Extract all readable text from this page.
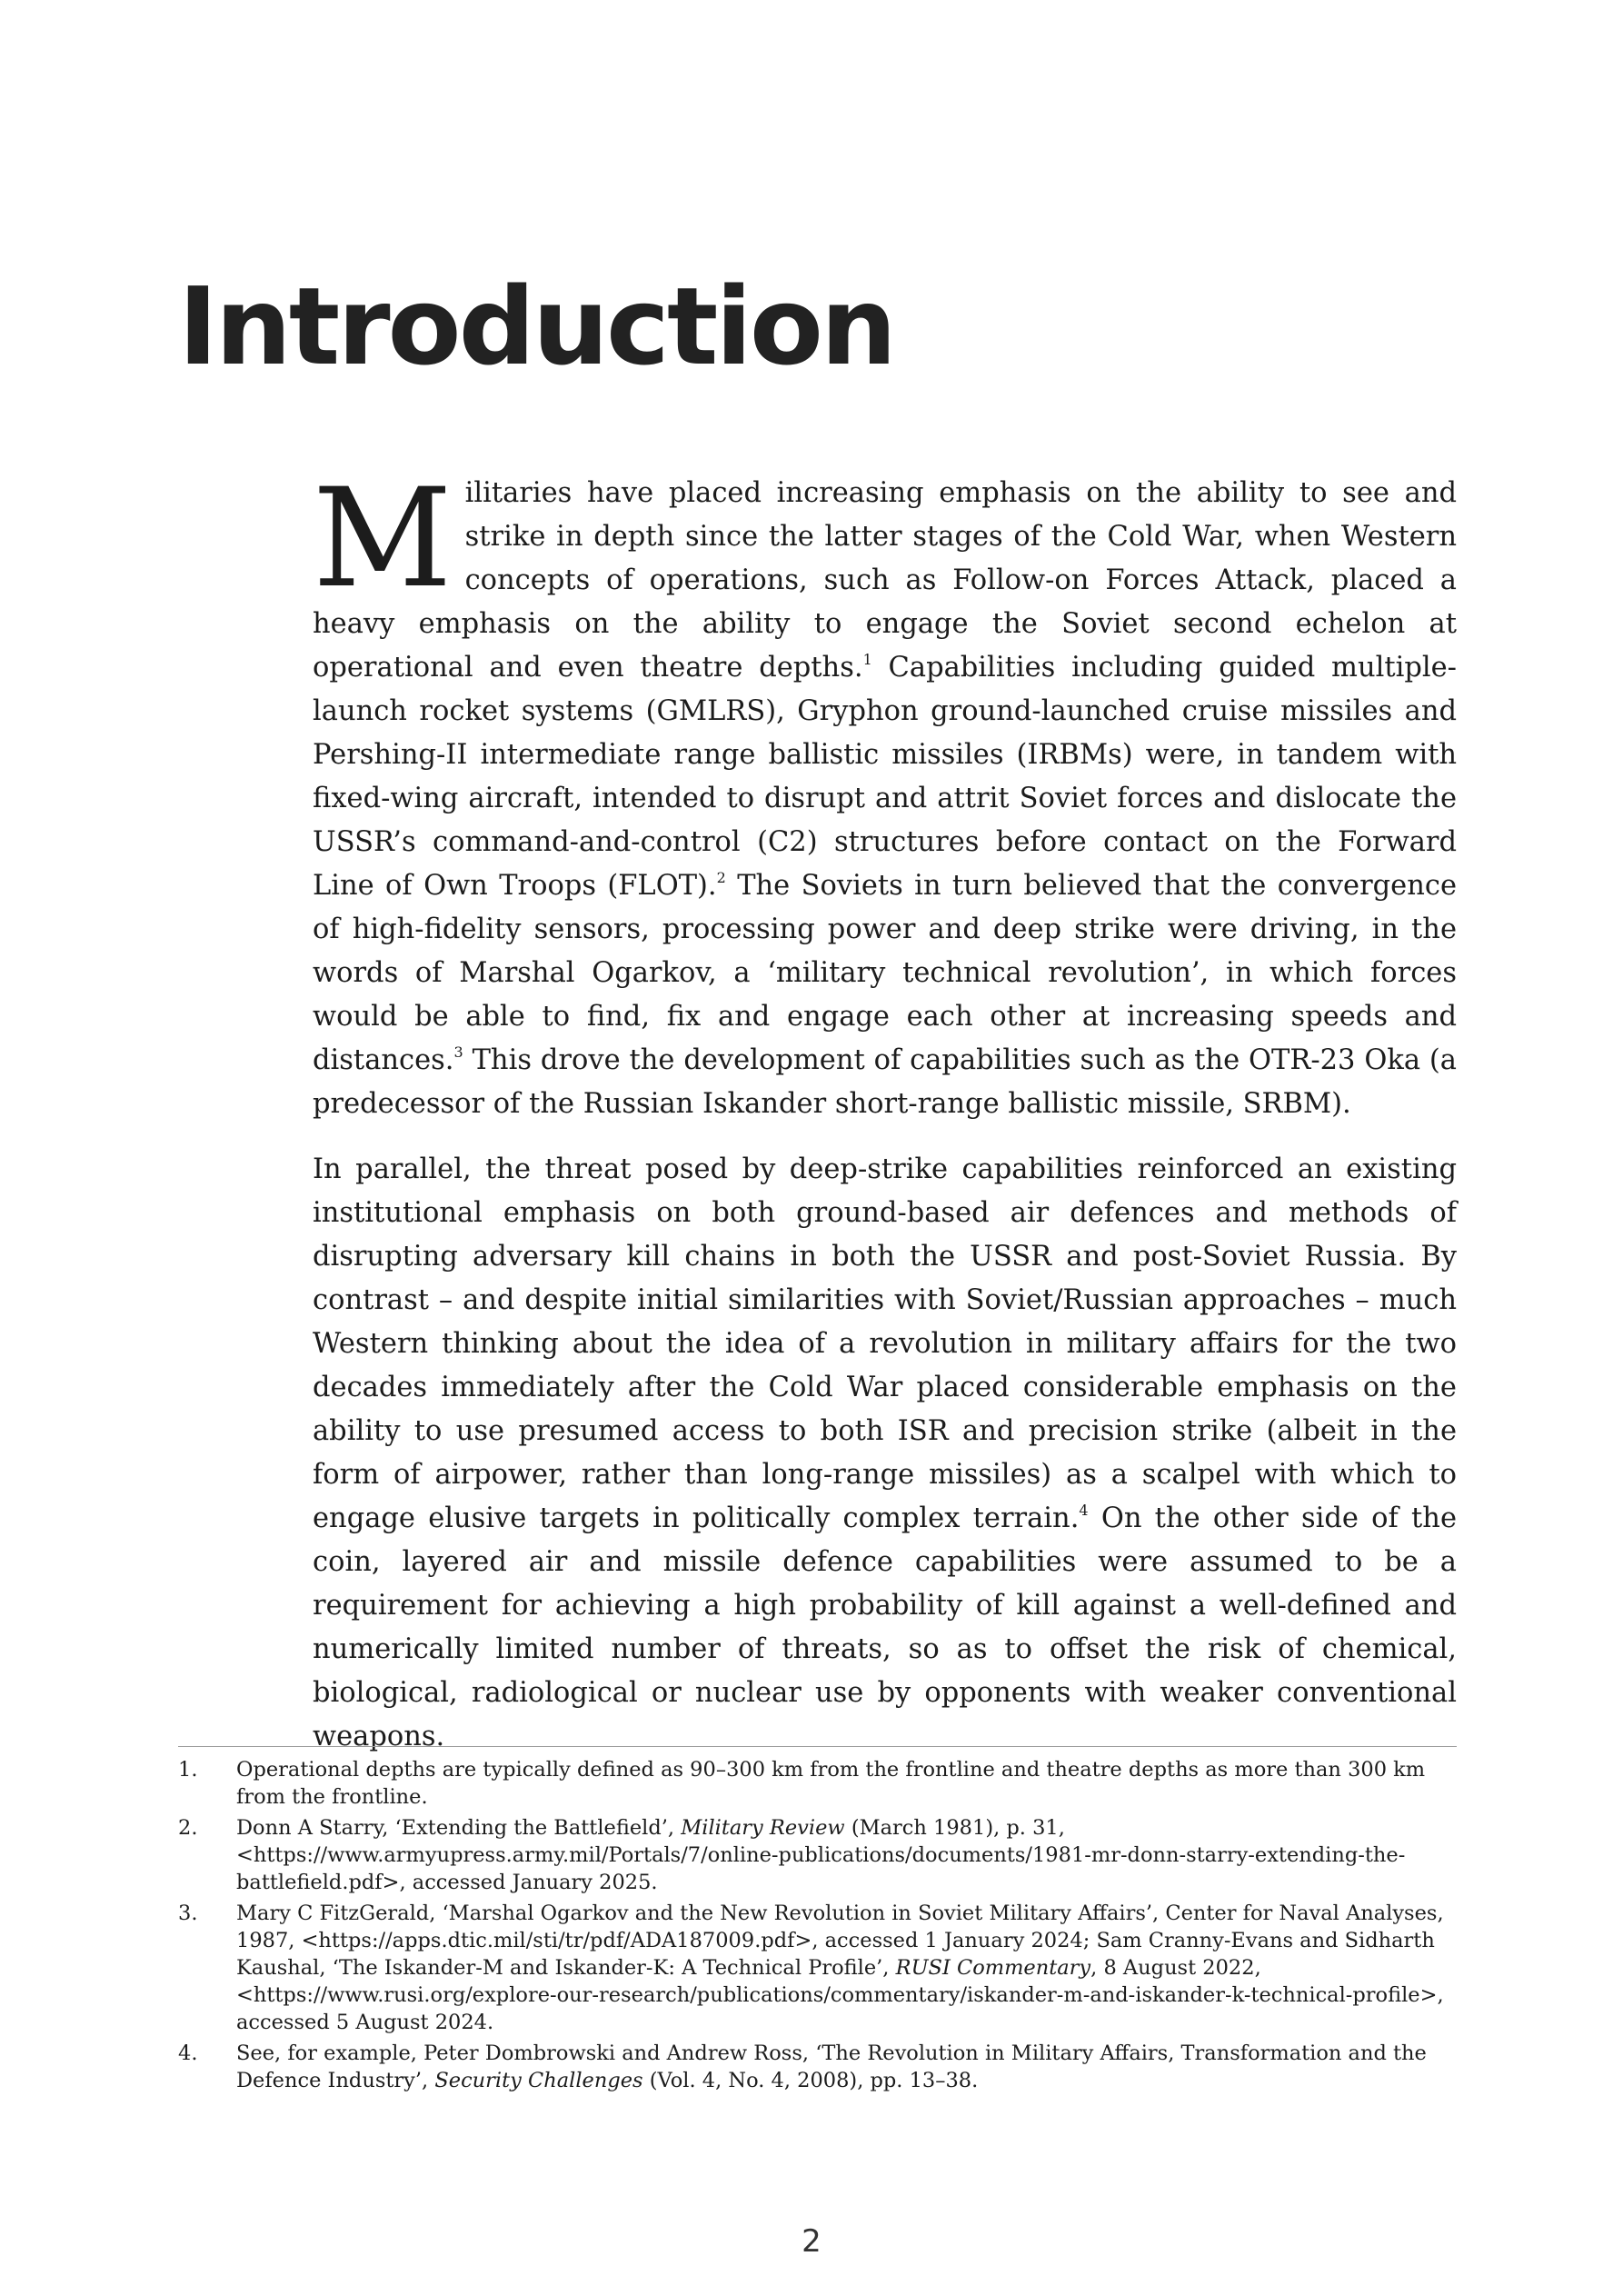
Introduction

Militaries have placed increasing emphasis on the ability to see and strike in depth since the latter stages of the Cold War, when Western concepts of operations, such as Follow-on Forces Attack, placed a heavy emphasis on the ability to engage the Soviet second echelon at operational and even theatre depths.$^1$ Capabilities including guided multiple-launch rocket systems (GMLRS), Gryphon ground-launched cruise missiles and Pershing-II intermediate range ballistic missiles (IRBMs) were, in tandem with fixed-wing aircraft, intended to disrupt and attrit Soviet forces and dislocate the USSR’s command-and-control (C2) structures before contact on the Forward Line of Own Troops (FLOT).$^2$ The Soviets in turn believed that the convergence of high-fidelity sensors, processing power and deep strike were driving, in the words of Marshal Ogarkov, a ‘military technical revolution’, in which forces would be able to find, fix and engage each other at increasing speeds and distances.$^3$ This drove the development of capabilities such as the OTR-23 Oka (a predecessor of the Russian Iskander short-range ballistic missile, SRBM).

In parallel, the threat posed by deep-strike capabilities reinforced an existing institutional emphasis on both ground-based air defences and methods of disrupting adversary kill chains in both the USSR and post-Soviet Russia. By contrast – and despite initial similarities with Soviet/Russian approaches – much Western thinking about the idea of a revolution in military affairs for the two decades immediately after the Cold War placed considerable emphasis on the ability to use presumed access to both ISR and precision strike (albeit in the form of airpower, rather than long-range missiles) as a scalpel with which to engage elusive targets in politically complex terrain.$^4$ On the other side of the coin, layered air and missile defence capabilities were assumed to be a requirement for achieving a high probability of kill against a well-defined and numerically limited number of threats, so as to offset the risk of chemical, biological, radiological or nuclear use by opponents with weaker conventional weapons.

1.	Operational depths are typically defined as 90–300 km from the frontline and theatre depths as more than 300 km from the frontline.
2.	Donn A Starry, ‘Extending the Battlefield’, Military Review (March 1981), p. 31, <https://www.armyupress.army.mil/Portals/7/online-publications/documents/1981-mr-donn-starry-extending-the-battlefield.pdf>, accessed January 2025.
3.	Mary C FitzGerald, ‘Marshal Ogarkov and the New Revolution in Soviet Military Affairs’, Center for Naval Analyses, 1987, <https://apps.dtic.mil/sti/tr/pdf/ADA187009.pdf>, accessed 1 January 2024; Sam Cranny-Evans and Sidharth Kaushal, ‘The Iskander-M and Iskander-K: A Technical Profile’, RUSI Commentary, 8 August 2022, <https://www.rusi.org/explore-our-research/publications/commentary/iskander-m-and-iskander-k-technical-profile>, accessed 5 August 2024.
4.	See, for example, Peter Dombrowski and Andrew Ross, ‘The Revolution in Military Affairs, Transformation and the Defence Industry’, Security Challenges (Vol. 4, No. 4, 2008), pp. 13–38.
2
